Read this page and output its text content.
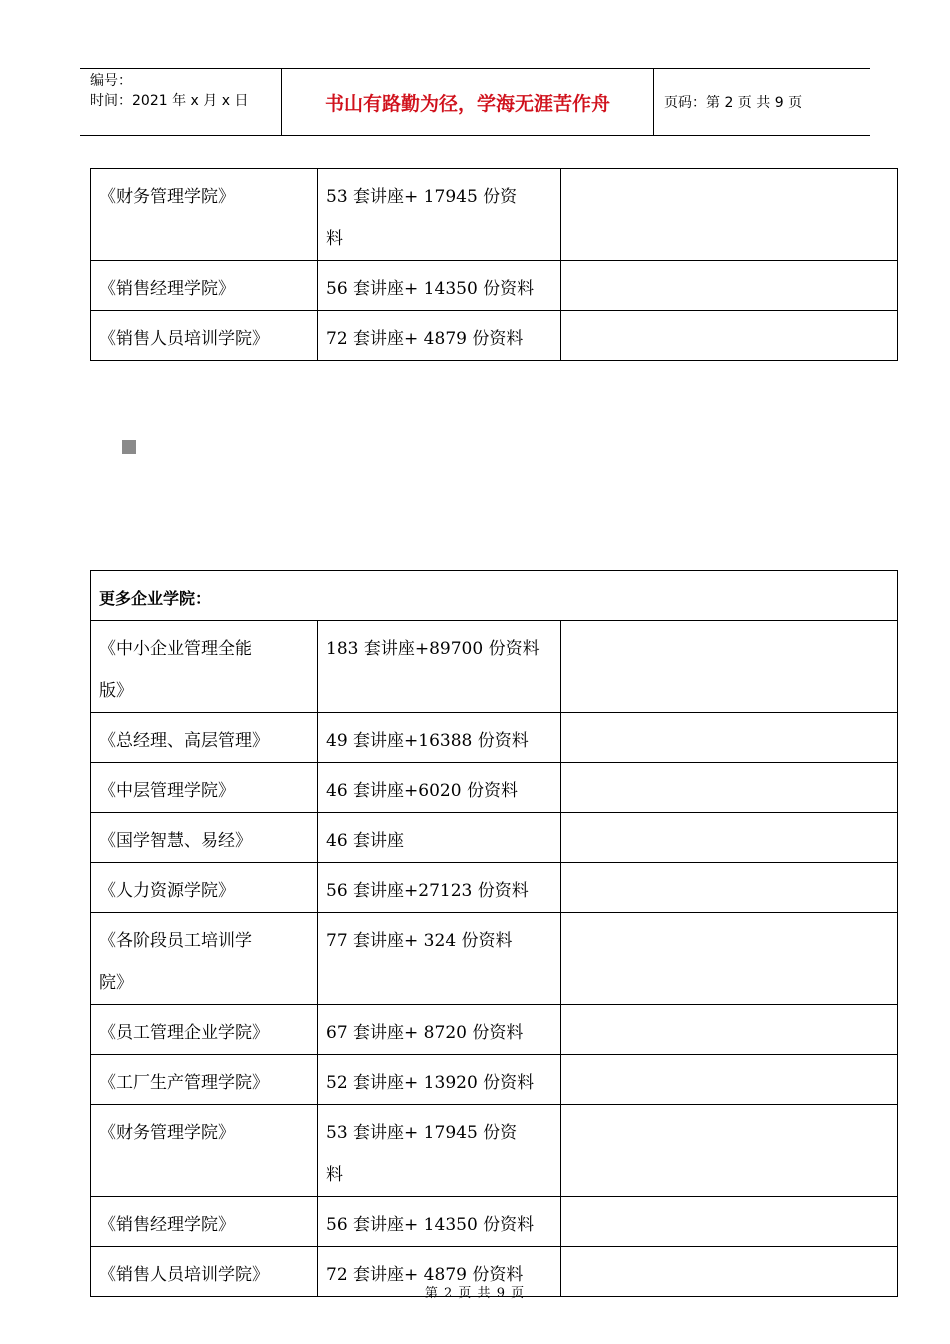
编号：
时间：2021 年 x 月 x 日	书山有路勤为径，学海无涯苦作舟	页码：第 2 页 共 9 页
《财务管理学院》	53 套讲座+ 17945 份资
料	
《销售经理学院》	56 套讲座+ 14350 份资料	
《销售人员培训学院》	72 套讲座+ 4879 份资料	
更多企业学院：		
《中小企业管理全能
版》	183 套讲座+89700 份资料	
《总经理、高层管理》	49 套讲座+16388 份资料	
《中层管理学院》	46 套讲座+6020 份资料	
《国学智慧、易经》	46 套讲座	
《人力资源学院》	56 套讲座+27123 份资料	
《各阶段员工培训学
院》	77 套讲座+ 324 份资料	
《员工管理企业学院》	67 套讲座+ 8720 份资料	
《工厂生产管理学院》	52 套讲座+ 13920 份资料	
《财务管理学院》	53 套讲座+ 17945 份资
料	
《销售经理学院》	56 套讲座+ 14350 份资料	
《销售人员培训学院》	72 套讲座+ 4879 份资料	
第 2 页 共 9 页
